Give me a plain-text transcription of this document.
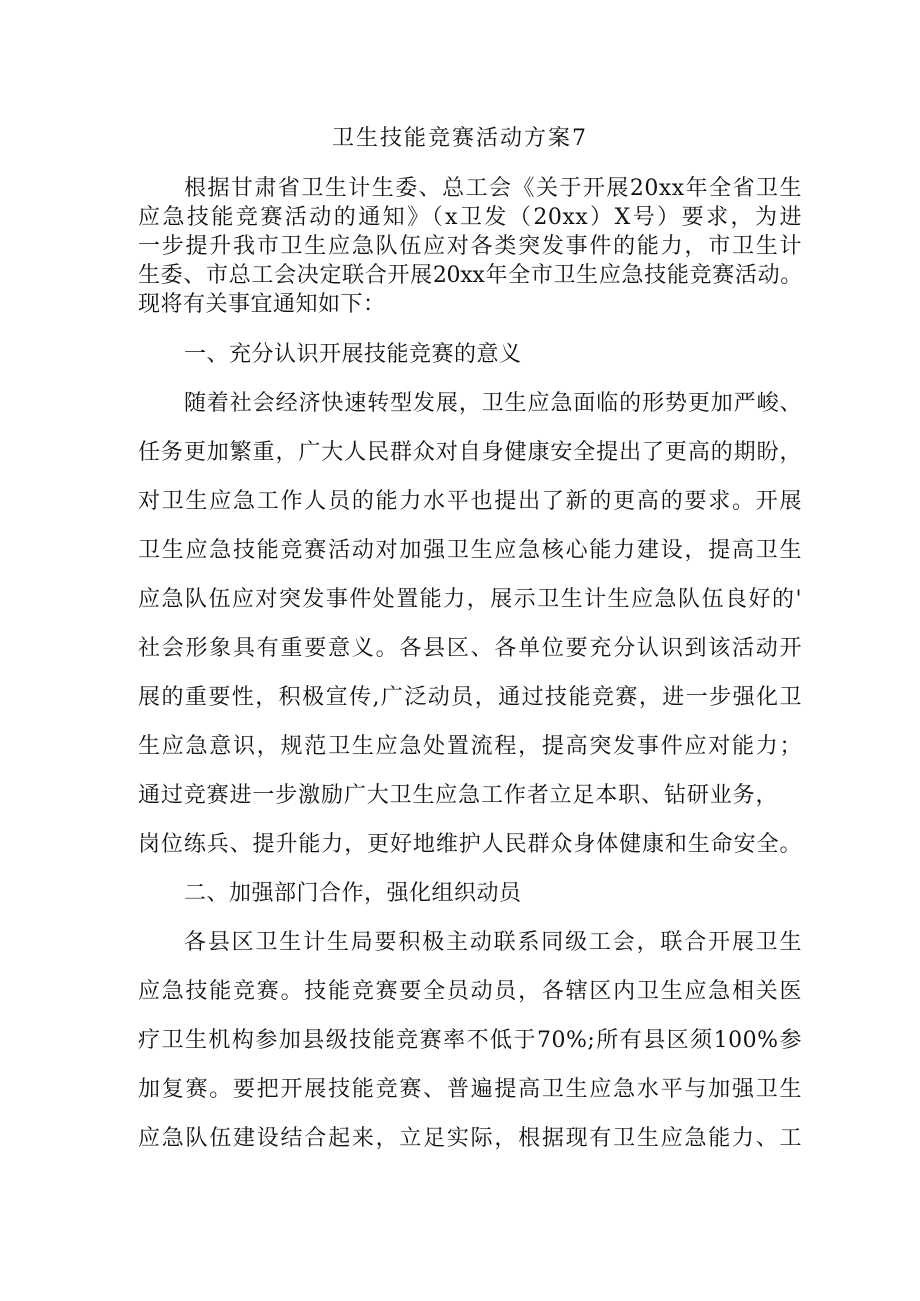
卫生技能竞赛活动方案7
根据甘肃省卫生计生委、总工会《关于开展20xx年全省卫生
应急技能竞赛活动的通知》（x卫发（20xx）X号）要求，为进
一步提升我市卫生应急队伍应对各类突发事件的能力，市卫生计
生委、市总工会决定联合开展20xx年全市卫生应急技能竞赛活动。
现将有关事宜通知如下：
一、充分认识开展技能竞赛的意义
随着社会经济快速转型发展，卫生应急面临的形势更加严峻、
任务更加繁重，广大人民群众对自身健康安全提出了更高的期盼，
对卫生应急工作人员的能力水平也提出了新的更高的要求。开展
卫生应急技能竞赛活动对加强卫生应急核心能力建设，提高卫生
应急队伍应对突发事件处置能力，展示卫生计生应急队伍良好的'
社会形象具有重要意义。各县区、各单位要充分认识到该活动开
展的重要性，积极宣传,广泛动员，通过技能竞赛，进一步强化卫
生应急意识，规范卫生应急处置流程，提高突发事件应对能力；
通过竞赛进一步激励广大卫生应急工作者立足本职、钻研业务，
岗位练兵、提升能力，更好地维护人民群众身体健康和生命安全。
二、加强部门合作，强化组织动员
各县区卫生计生局要积极主动联系同级工会，联合开展卫生
应急技能竞赛。技能竞赛要全员动员，各辖区内卫生应急相关医
疗卫生机构参加县级技能竞赛率不低于70%;所有县区须100%参
加复赛。要把开展技能竞赛、普遍提高卫生应急水平与加强卫生
应急队伍建设结合起来，立足实际，根据现有卫生应急能力、工
